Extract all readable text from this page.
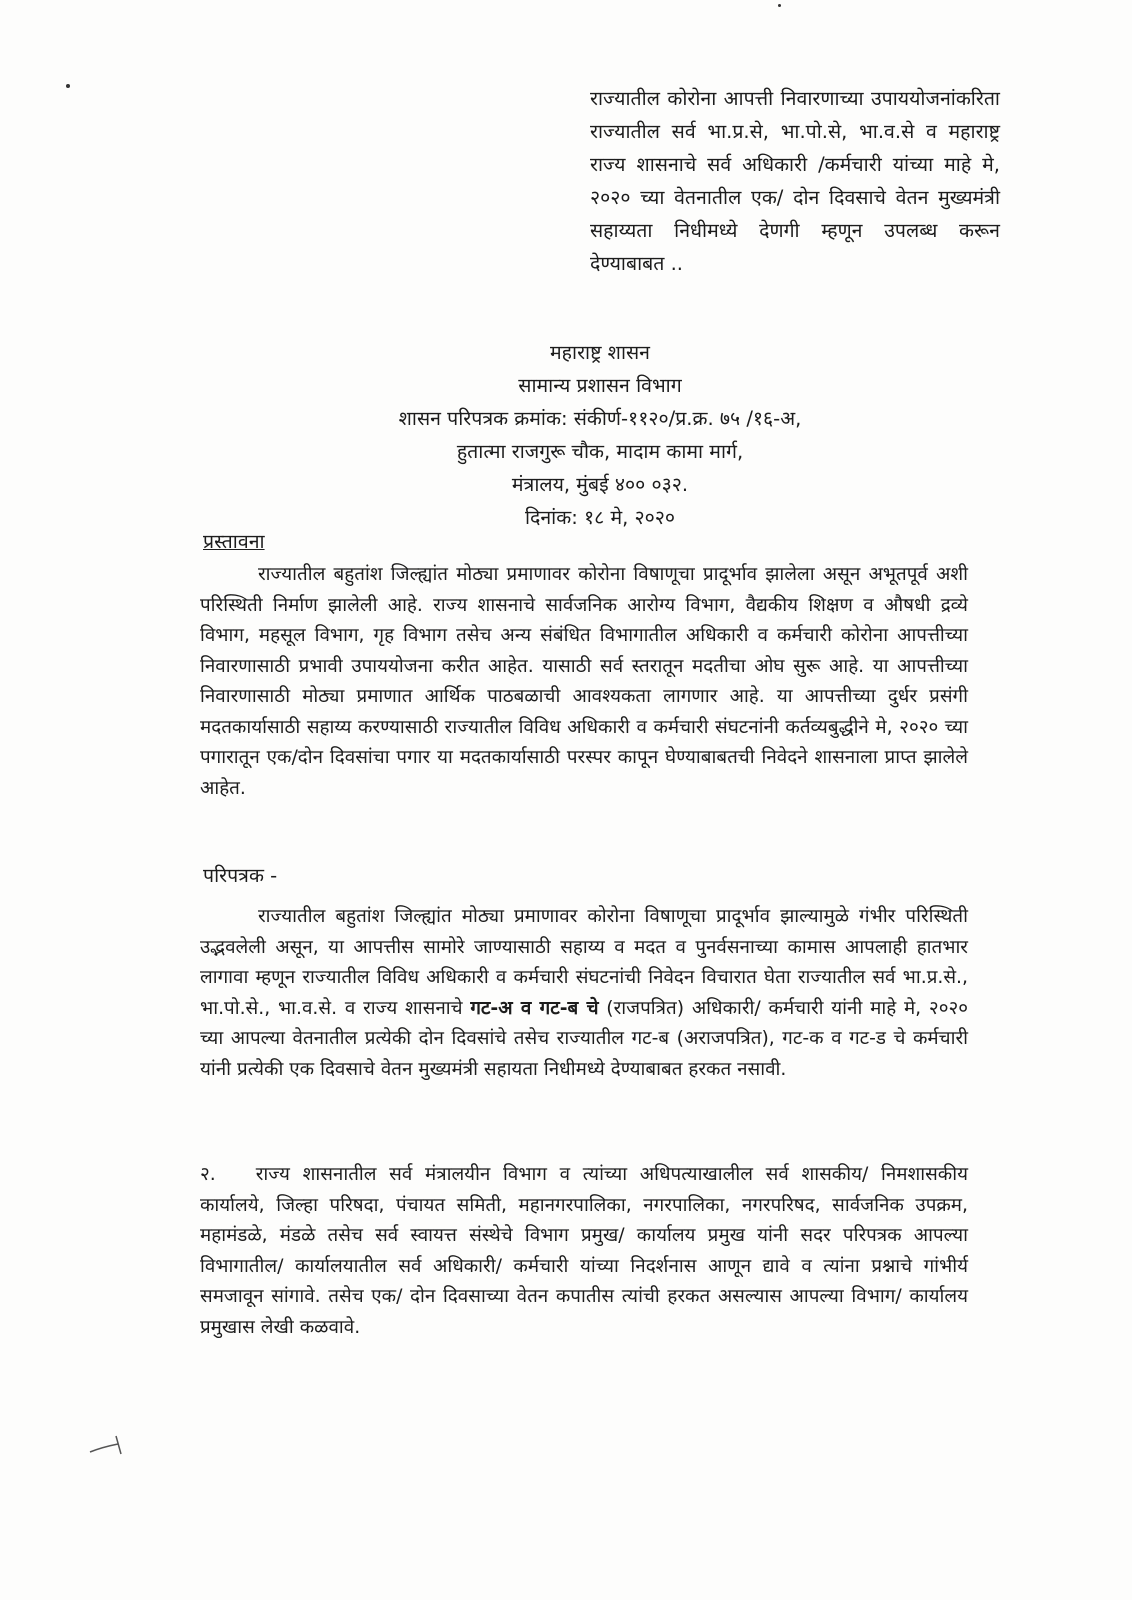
राज्यातील कोरोना आपत्ती निवारणाच्या उपाययोजनांकरिता राज्यातील सर्व भा.प्र.से, भा.पो.से, भा.व.से व महाराष्ट्र राज्य शासनाचे सर्व अधिकारी /कर्मचारी यांच्या माहे मे, २०२० च्या वेतनातील एक/ दोन दिवसाचे वेतन मुख्यमंत्री सहाय्यता निधीमध्ये देणगी म्हणून उपलब्ध करून देण्याबाबत ..
महाराष्ट्र शासन
सामान्य प्रशासन विभाग
शासन परिपत्रक क्रमांक: संकीर्ण-११२०/प्र.क्र. ७५ /१६-अ,
हुतात्मा राजगुरू चौक, मादाम कामा मार्ग,
मंत्रालय, मुंबई ४०० ०३२.
दिनांक: १८ मे, २०२०
प्रस्तावना
राज्यातील बहुतांश जिल्ह्यांत मोठ्या प्रमाणावर कोरोना विषाणूचा प्रादूर्भाव झालेला असून अभूतपूर्व अशी परिस्थिती निर्माण झालेली आहे. राज्य शासनाचे सार्वजनिक आरोग्य विभाग, वैद्यकीय शिक्षण व औषधी द्रव्ये विभाग, महसूल विभाग, गृह विभाग तसेच अन्य संबंधित विभागातील अधिकारी व कर्मचारी कोरोना आपत्तीच्या निवारणासाठी प्रभावी उपाययोजना करीत आहेत. यासाठी सर्व स्तरातून मदतीचा ओघ सुरू आहे. या आपत्तीच्या निवारणासाठी मोठ्या प्रमाणात आर्थिक पाठबळाची आवश्यकता लागणार आहे. या आपत्तीच्या दुर्धर प्रसंगी मदतकार्यासाठी सहाय्य करण्यासाठी राज्यातील विविध अधिकारी व कर्मचारी संघटनांनी कर्तव्यबुद्धीने मे, २०२० च्या पगारातून एक/दोन दिवसांचा पगार या मदतकार्यासाठी परस्पर कापून घेण्याबाबतची निवेदने शासनाला प्राप्त झालेले आहेत.
परिपत्रक -
राज्यातील बहुतांश जिल्ह्यांत मोठ्या प्रमाणावर कोरोना विषाणूचा प्रादूर्भाव झाल्यामुळे गंभीर परिस्थिती उद्भवलेली असून, या आपत्तीस सामोरे जाण्यासाठी सहाय्य व मदत व पुनर्वसनाच्या कामास आपलाही हातभार लागावा म्हणून राज्यातील विविध अधिकारी व कर्मचारी संघटनांची निवेदन विचारात घेता राज्यातील सर्व भा.प्र.से., भा.पो.से., भा.व.से. व राज्य शासनाचे गट-अ व गट-ब चे (राजपत्रित) अधिकारी/ कर्मचारी यांनी माहे मे, २०२० च्या आपल्या वेतनातील प्रत्येकी दोन दिवसांचे तसेच राज्यातील गट-ब (अराजपत्रित), गट-क व गट-ड चे कर्मचारी यांनी प्रत्येकी एक दिवसाचे वेतन मुख्यमंत्री सहायता निधीमध्ये देण्याबाबत हरकत नसावी.
२. राज्य शासनातील सर्व मंत्रालयीन विभाग व त्यांच्या अधिपत्याखालील सर्व शासकीय/ निमशासकीय कार्यालये, जिल्हा परिषदा, पंचायत समिती, महानगरपालिका, नगरपालिका, नगरपरिषद, सार्वजनिक उपक्रम, महामंडळे, मंडळे तसेच सर्व स्वायत्त संस्थेचे विभाग प्रमुख/ कार्यालय प्रमुख यांनी सदर परिपत्रक आपल्या विभागातील/ कार्यालयातील सर्व अधिकारी/ कर्मचारी यांच्या निदर्शनास आणून द्यावे व त्यांना प्रश्नाचे गांभीर्य समजावून सांगावे. तसेच एक/ दोन दिवसाच्या वेतन कपातीस त्यांची हरकत असल्यास आपल्या विभाग/ कार्यालय प्रमुखास लेखी कळवावे.
